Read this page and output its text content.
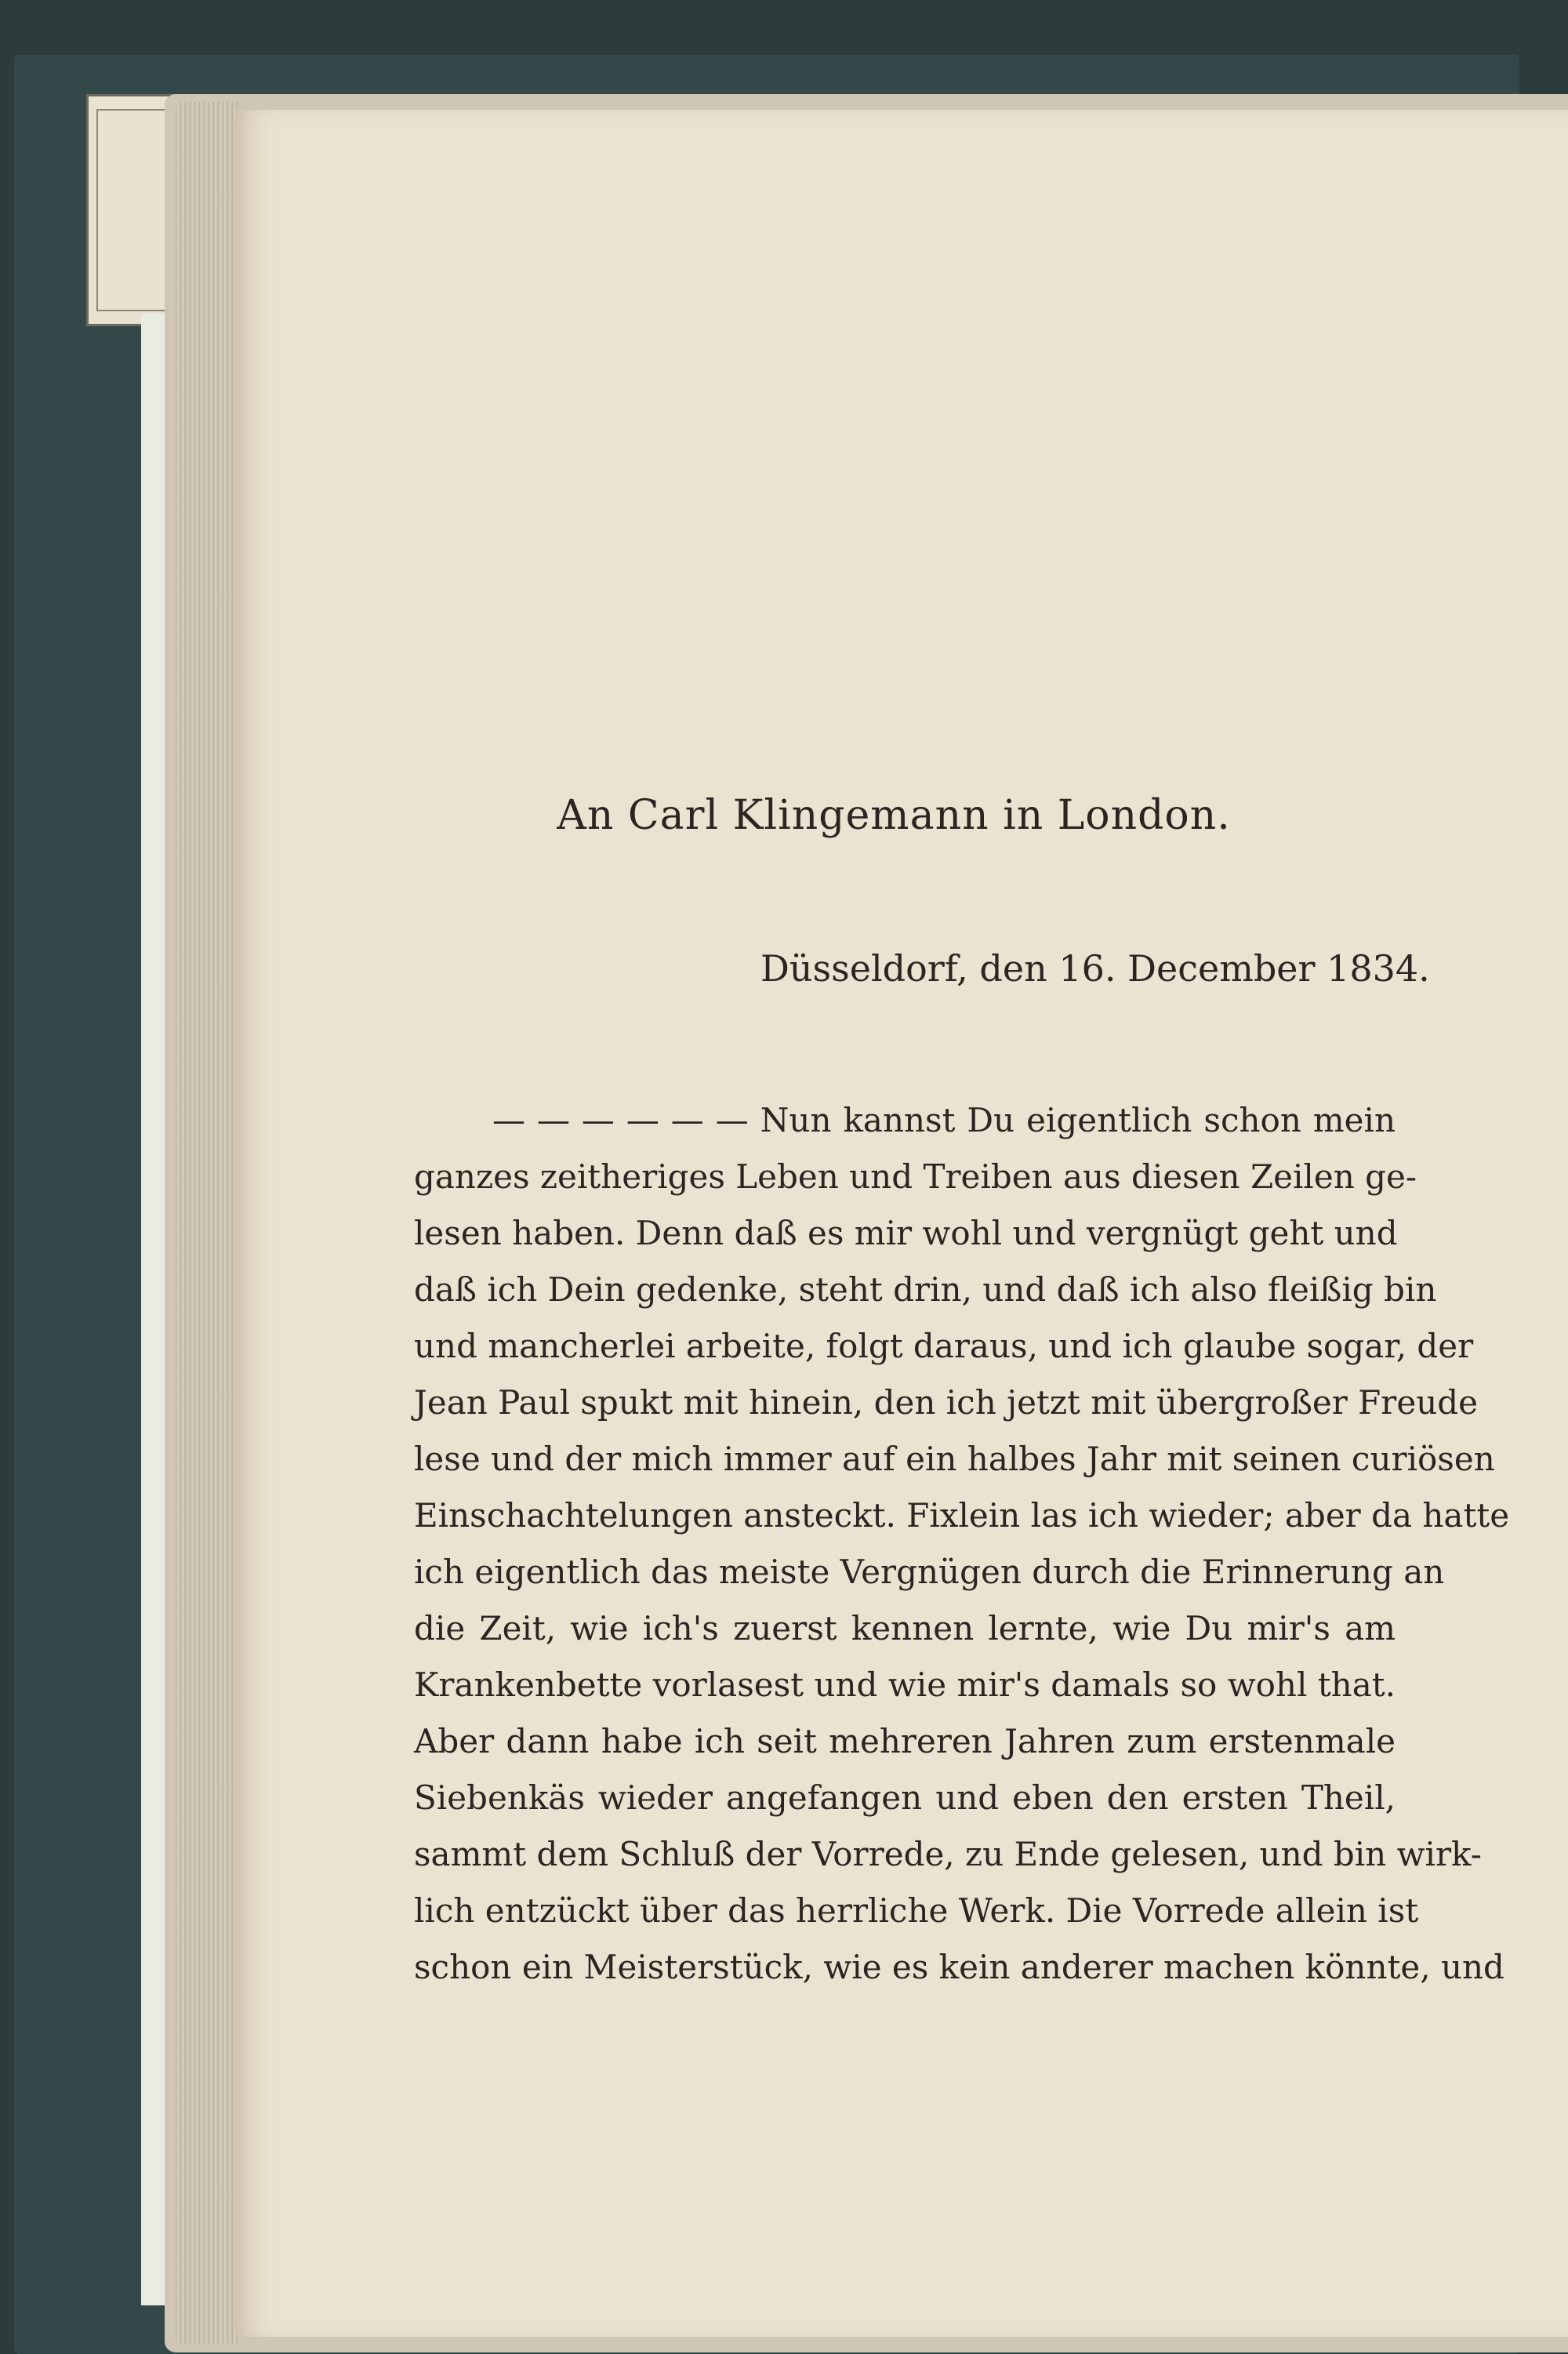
An Carl Klingemann in London.
Düsseldorf, den 16. December 1834.
— — — — — — Nun kannst Du eigentlich schon mein
ganzes zeitheriges Leben und Treiben aus diesen Zeilen ge-
lesen haben. Denn daß es mir wohl und vergnügt geht und
daß ich Dein gedenke, steht drin, und daß ich also fleißig bin
und mancherlei arbeite, folgt daraus, und ich glaube sogar, der
Jean Paul spukt mit hinein, den ich jetzt mit übergroßer Freude
lese und der mich immer auf ein halbes Jahr mit seinen curiösen
Einschachtelungen ansteckt. Fixlein las ich wieder; aber da hatte
ich eigentlich das meiste Vergnügen durch die Erinnerung an
die Zeit, wie ich's zuerst kennen lernte, wie Du mir's am
Krankenbette vorlasest und wie mir's damals so wohl that.
Aber dann habe ich seit mehreren Jahren zum erstenmale
Siebenkäs wieder angefangen und eben den ersten Theil,
sammt dem Schluß der Vorrede, zu Ende gelesen, und bin wirk-
lich entzückt über das herrliche Werk. Die Vorrede allein ist
schon ein Meisterstück, wie es kein anderer machen könnte, und
